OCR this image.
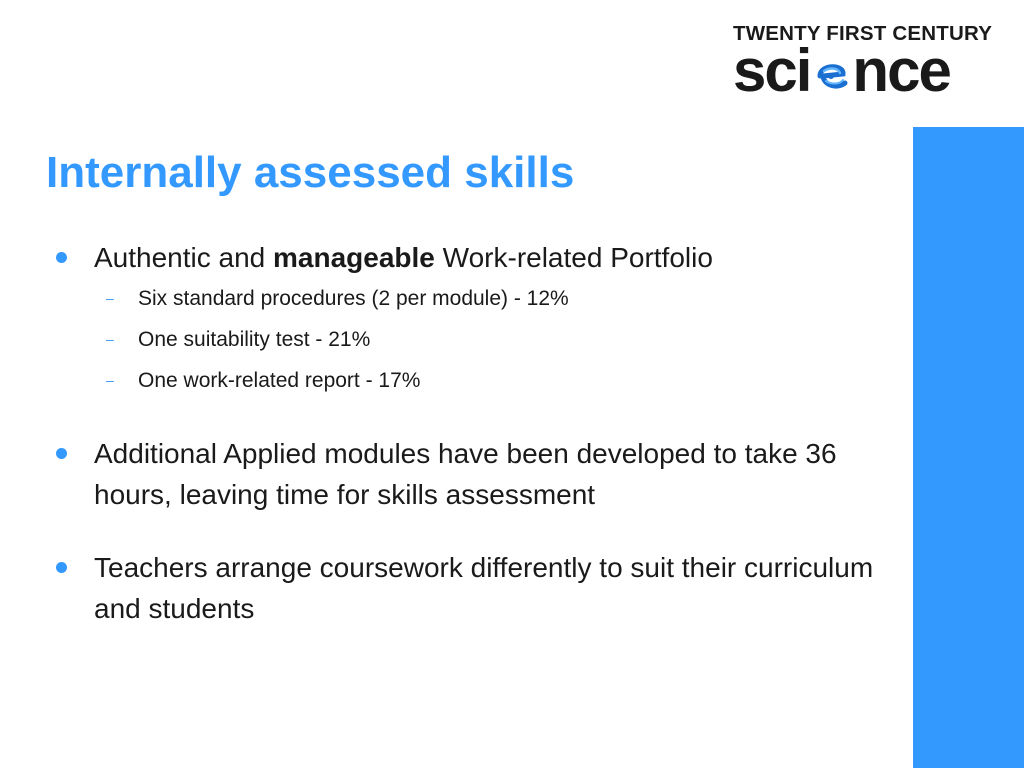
TWENTY FIRST CENTURY
sci nce
Internally assessed skills
Authentic and manageable Work-related Portfolio
– Six standard procedures (2 per module) - 12%
– One suitability test - 21%
– One work-related report - 17%
Additional Applied modules have been developed to take 36 hours, leaving time for skills assessment
Teachers arrange coursework differently to suit their curriculum and students
